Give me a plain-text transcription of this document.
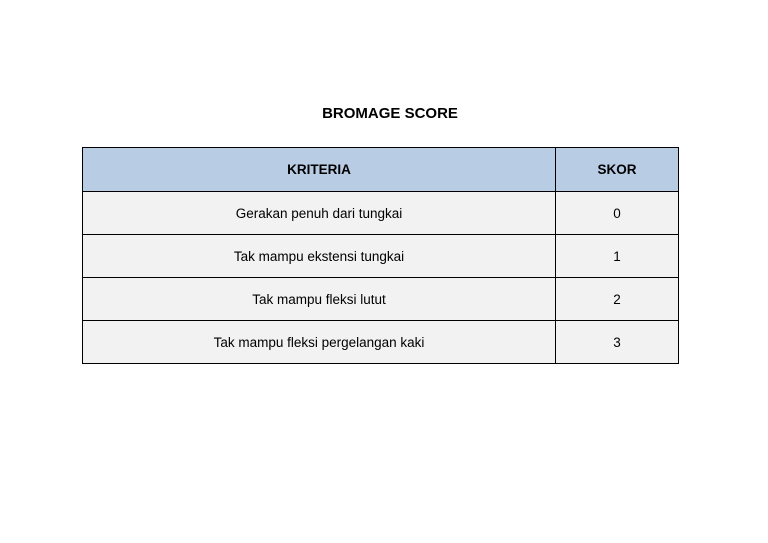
BROMAGE SCORE
KRITERIA	SKOR
Gerakan penuh dari tungkai	0
Tak mampu ekstensi tungkai	1
Tak mampu fleksi lutut	2
Tak mampu fleksi pergelangan kaki	3
